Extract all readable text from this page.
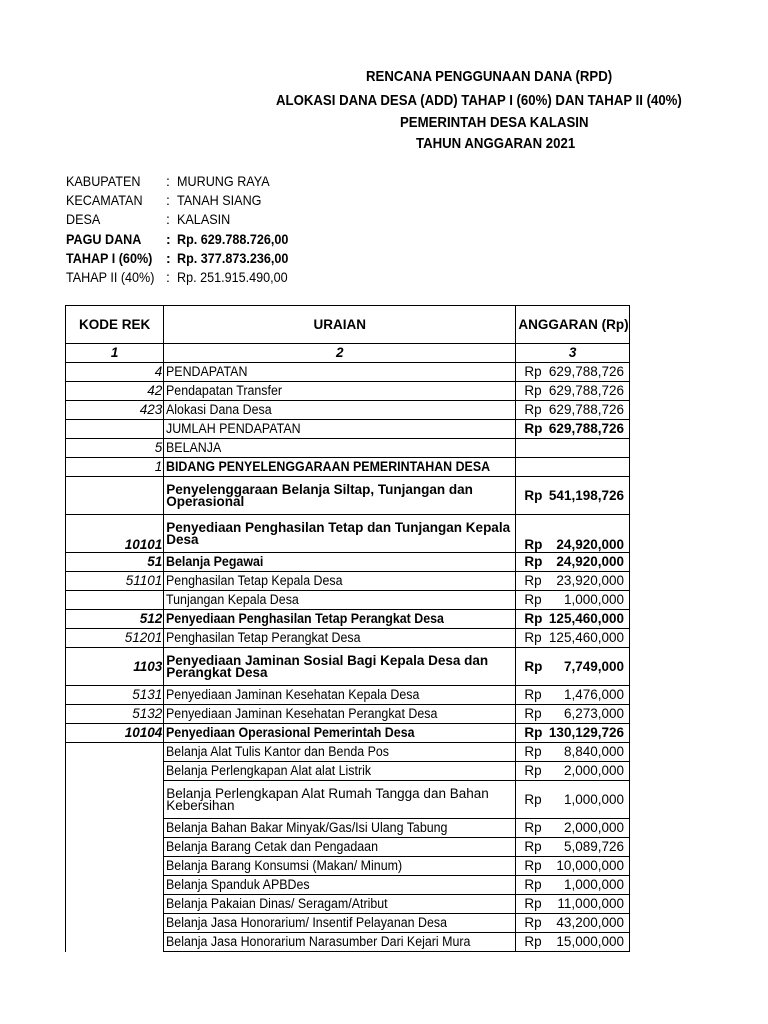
RENCANA PENGGUNAAN DANA (RPD)
ALOKASI DANA DESA (ADD) TAHAP I (60%) DAN TAHAP II (40%)
PEMERINTAH DESA KALASIN
TAHUN ANGGARAN 2021
KABUPATEN : MURUNG RAYA
KECAMATAN : TANAH SIANG
DESA	: KALASIN
PAGU DANA : Rp. 629.788.726,00
TAHAP I (60%) : Rp. 377.873.236,00
TAHAP II (40%) : Rp. 251.915.490,00
KODE REK	URAIAN	ANGGARAN (Rp)
1	2	3
4	PENDAPATAN	Rp 629,788,726

42	Pendapatan Transfer	Rp 629,788,726

423	Alokasi Dana Desa	Rp 629,788,726

	JUMLAH PENDAPATAN	Rp 629,788,726

5	BELANJA	

1	BIDANG PENYELENGGARAAN PEMERINTAHAN DESA	

	Penyelenggaraan Belanja Siltap, Tunjangan dan Operasional	Rp 541,198,726

10101	Penyediaan Penghasilan Tetap dan Tunjangan Kepala Desa	Rp 24,920,000

51	Belanja Pegawai	Rp 24,920,000

51101	Penghasilan Tetap Kepala Desa	Rp 23,920,000

	Tunjangan Kepala Desa	Rp 1,000,000

512	Penyediaan Penghasilan Tetap Perangkat Desa	Rp 125,460,000

51201	Penghasilan Tetap Perangkat Desa	Rp 125,460,000

1103	Penyediaan Jaminan Sosial Bagi Kepala Desa dan Perangkat Desa	Rp 7,749,000

5131	Penyediaan Jaminan Kesehatan Kepala Desa	Rp 1,476,000

5132	Penyediaan Jaminan Kesehatan Perangkat Desa	Rp 6,273,000

10104	Penyediaan Operasional Pemerintah Desa	Rp 130,129,726

	Belanja Alat Tulis Kantor dan Benda Pos	Rp 8,840,000

	Belanja Perlengkapan Alat alat Listrik	Rp 2,000,000

	Belanja Perlengkapan Alat Rumah Tangga dan Bahan Kebersihan	Rp 1,000,000

	Belanja Bahan Bakar Minyak/Gas/Isi Ulang Tabung	Rp 2,000,000

	Belanja Barang Cetak dan Pengadaan	Rp 5,089,726

	Belanja Barang Konsumsi (Makan/ Minum)	Rp 10,000,000

	Belanja Spanduk APBDes	Rp 1,000,000

	Belanja Pakaian Dinas/ Seragam/Atribut	Rp 11,000,000

	Belanja Jasa Honorarium/ Insentif Pelayanan Desa	Rp 43,200,000

	Belanja Jasa Honorarium Narasumber Dari Kejari Mura	Rp 15,000,000
